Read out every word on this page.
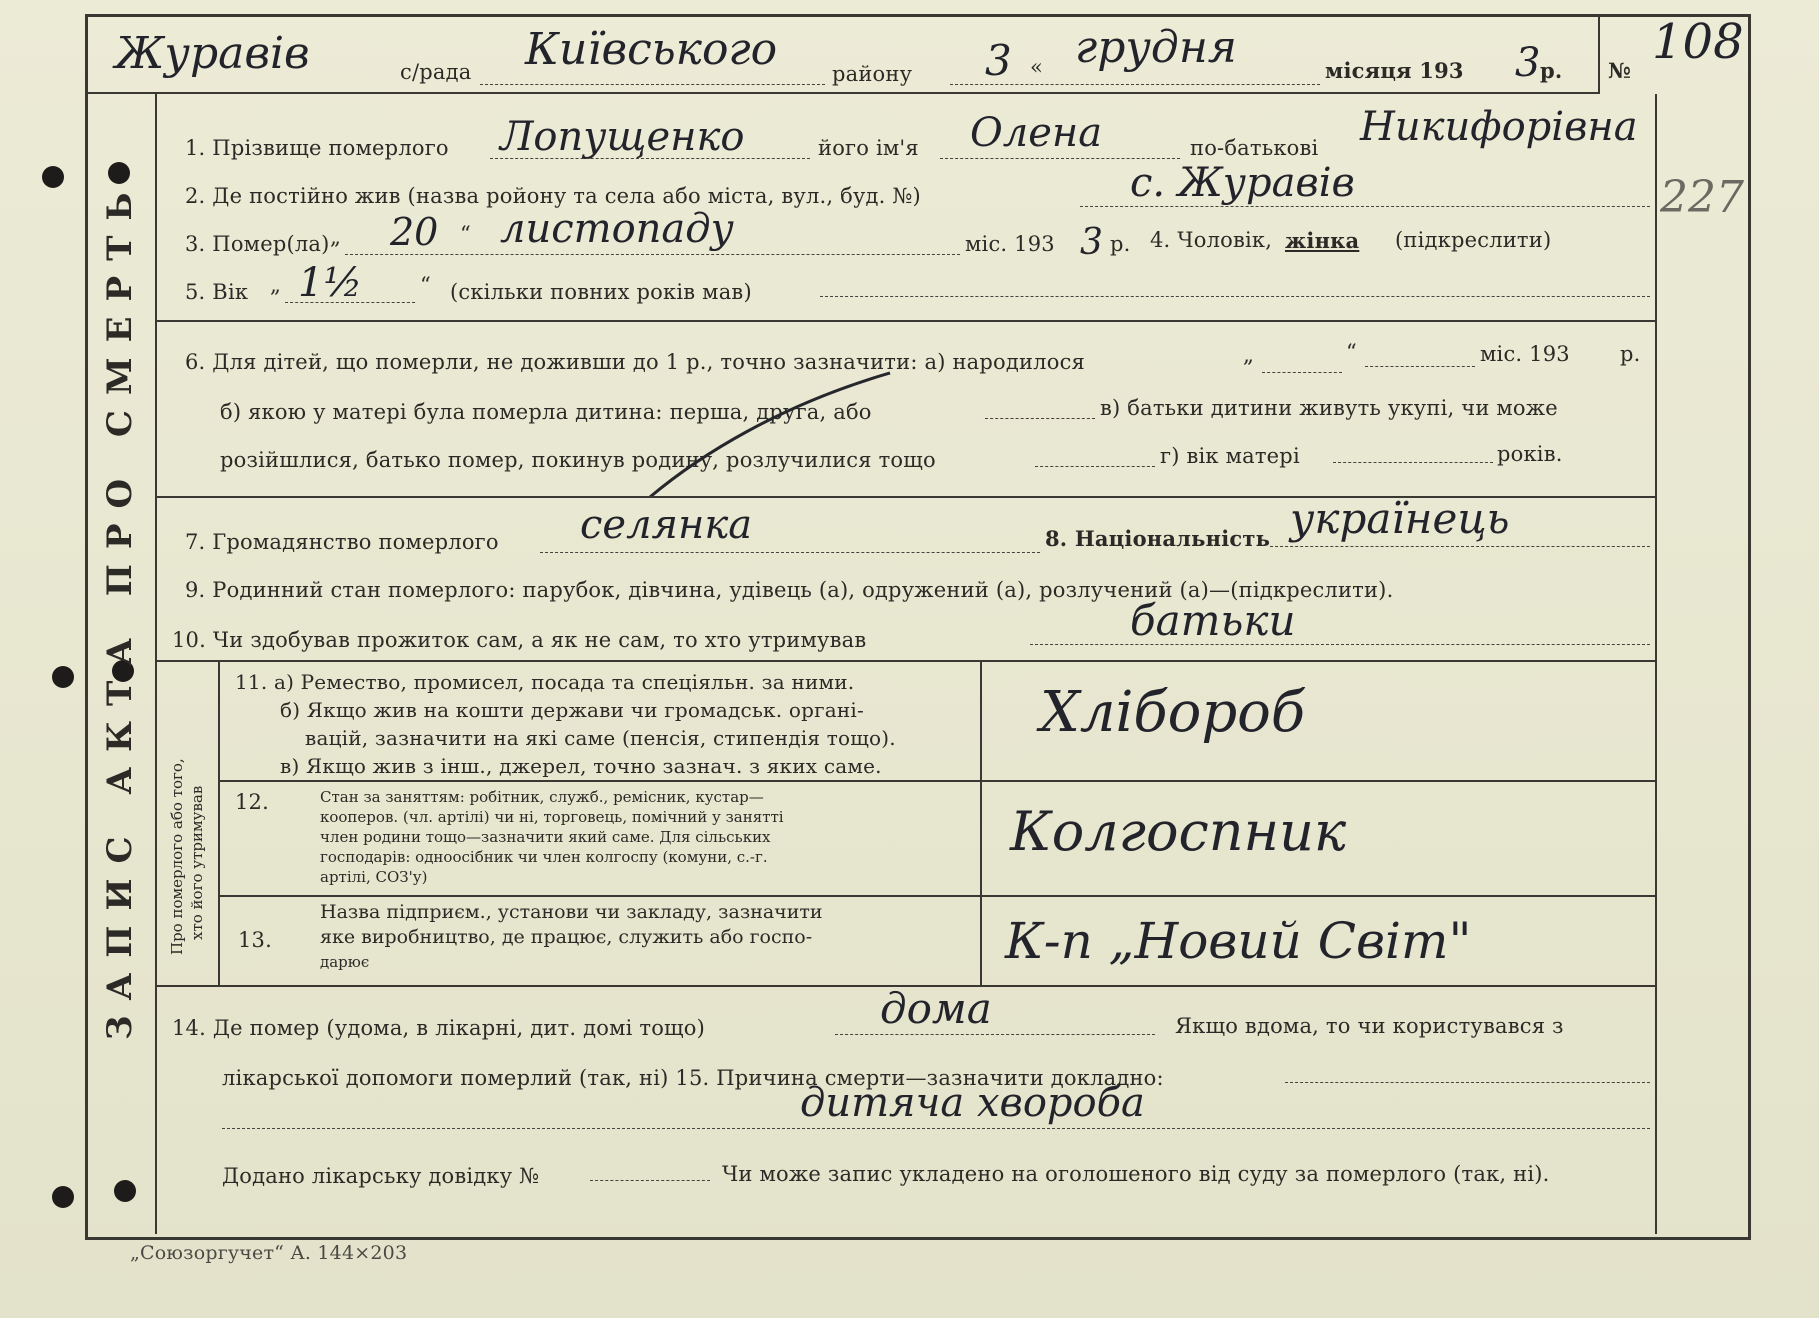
Журавів	с/рада Київського	району 3 « грудня	місяця 193 3 р. №
108
227
ЗАПИС АКТА ПРО СМЕРТЬ Про померлого або того, хто його утримував
1. Прізвище померлого Лопущенко	його ім'я Олена	по-батькові Никифорівна
2. Де постійно жив (назва ройону та села або міста, вул., буд. №)	с. Журавів
3. Помер(ла) „ 20 “ листопаду	міс. 193 3 р. 4. Чоловік, жінка (підкреслити)
5. Вік „ 1½	“ (скільки повних років мав)
6. Для дітей, що померли, не доживши до 1 р., точно зазначити: а) народилося	„	“	міс. 193 р.
б) якою у матері була померла дитина: перша, друга, або	в) батьки дитини живуть укупі, чи може
розійшлися, батько помер, покинув родину, розлучилися тощо	г) вік матері	років.
7. Громадянство померлого селянка	8. Національність українець
9. Родинний стан померлого: парубок, дівчина, удівець (а), одружений (а), розлучений (а)—(підкреслити).
10. Чи здобував прожиток сам, а як не сам, то хто утримував	батьки
11. а) Ремество, промисел, посада та спеціяльн. за ними.
б) Якщо жив на кошти держави чи громадськ. органі-
вацій, зазначити на які саме (пенсія, стипендія тощо).
в) Якщо жив з інш., джерел, точно зазнач. з яких саме.
Хлібороб
12.	Стан за заняттям: робітник, служб., ремісник, кустар—
кооперов. (чл. артілі) чи ні, торговець, помічний у занятті
член родини тощо—зазначити який саме. Для сільських
господарів: одноосібник чи член колгоспу (комуни, с.-г.
артілі, СОЗ'у)
Колгоспник
13.
Назва підприєм., установи чи закладу, зазначити
яке виробництво, де працює, служить або госпо-
дарює	К-п „Новий Світ"
14. Де помер (удома, в лікарні, дит. домі тощо)	дома	Якщо вдома, то чи користувався з
лікарської допомоги померлий (так, ні) 15. Причина смерти—зазначити докладно:
дитяча хвороба
Додано лікарську довідку №	Чи може запис укладено на оголошеного від суду за померлого (так, ні).
„Союзоргучет“ А. 144×203
